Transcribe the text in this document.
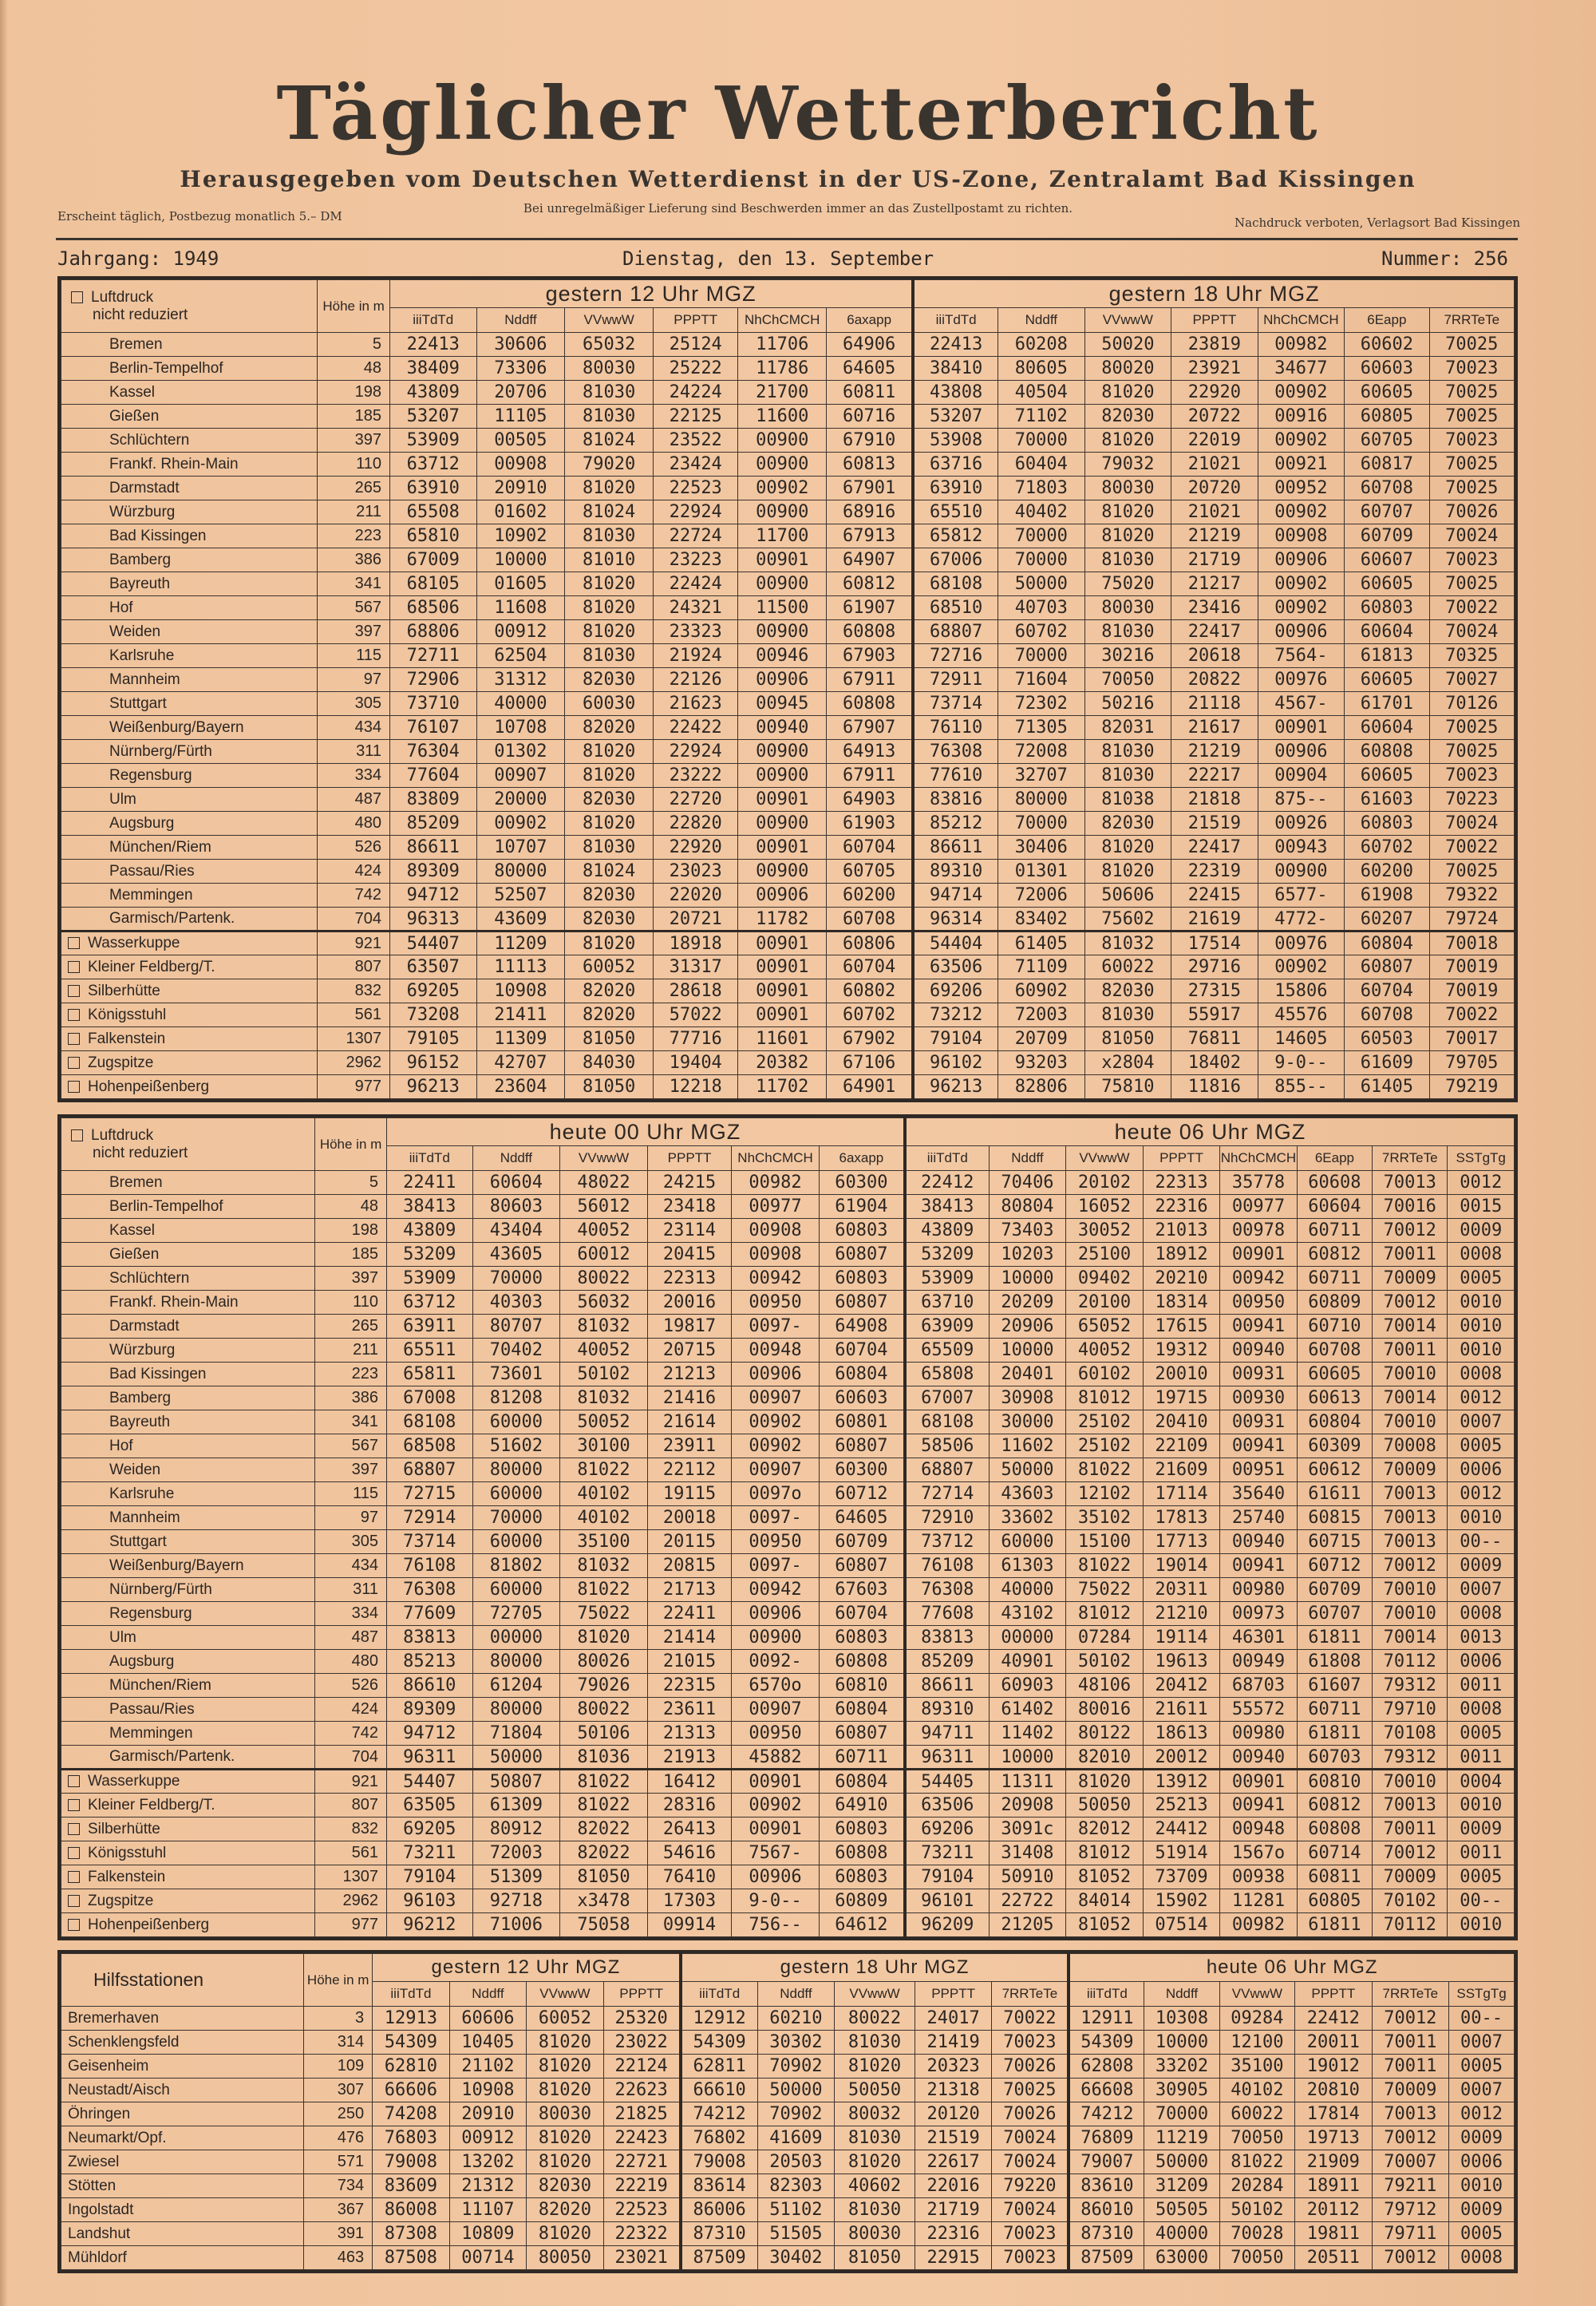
Täglicher Wetterbericht
Herausgegeben vom Deutschen Wetterdienst in der US-Zone, Zentralamt Bad Kissingen
Erscheint täglich, Postbezug monatlich 5.– DM
Bei unregelmäßiger Lieferung sind Beschwerden immer an das Zustellpostamt zu richten.
Nachdruck verboten, Verlagsort Bad Kissingen
Jahrgang: 1949	Dienstag, den 13. September	Nummer: 256
Luftdruck
nicht reduziert	Höhe in m	gestern 12 Uhr MGZ						gestern 18 Uhr MGZ						
		iiiTdTd	Nddff	VVwwW	PPPTT	NhChCMCH	6axapp	iiiTdTd	Nddff	VVwwW	PPPTT	NhChCMCH	6Eapp	7RRTeTe
Bremen	5	22413	30606	65032	25124	11706	64906	22413	60208	50020	23819	00982	60602	70025
Berlin-Tempelhof	48	38409	73306	80030	25222	11786	64605	38410	80605	80020	23921	34677	60603	70023
Kassel	198	43809	20706	81030	24224	21700	60811	43808	40504	81020	22920	00902	60605	70025
Gießen	185	53207	11105	81030	22125	11600	60716	53207	71102	82030	20722	00916	60805	70025
Schlüchtern	397	53909	00505	81024	23522	00900	67910	53908	70000	81020	22019	00902	60705	70023
Frankf. Rhein-Main	110	63712	00908	79020	23424	00900	60813	63716	60404	79032	21021	00921	60817	70025
Darmstadt	265	63910	20910	81020	22523	00902	67901	63910	71803	80030	20720	00952	60708	70025
Würzburg	211	65508	01602	81024	22924	00900	68916	65510	40402	81020	21021	00902	60707	70026
Bad Kissingen	223	65810	10902	81030	22724	11700	67913	65812	70000	81020	21219	00908	60709	70024
Bamberg	386	67009	10000	81010	23223	00901	64907	67006	70000	81030	21719	00906	60607	70023
Bayreuth	341	68105	01605	81020	22424	00900	60812	68108	50000	75020	21217	00902	60605	70025
Hof	567	68506	11608	81020	24321	11500	61907	68510	40703	80030	23416	00902	60803	70022
Weiden	397	68806	00912	81020	23323	00900	60808	68807	60702	81030	22417	00906	60604	70024
Karlsruhe	115	72711	62504	81030	21924	00946	67903	72716	70000	30216	20618	7564-	61813	70325
Mannheim	97	72906	31312	82030	22126	00906	67911	72911	71604	70050	20822	00976	60605	70027
Stuttgart	305	73710	40000	60030	21623	00945	60808	73714	72302	50216	21118	4567-	61701	70126
Weißenburg/Bayern	434	76107	10708	82020	22422	00940	67907	76110	71305	82031	21617	00901	60604	70025
Nürnberg/Fürth	311	76304	01302	81020	22924	00900	64913	76308	72008	81030	21219	00906	60808	70025
Regensburg	334	77604	00907	81020	23222	00900	67911	77610	32707	81030	22217	00904	60605	70023
Ulm	487	83809	20000	82030	22720	00901	64903	83816	80000	81038	21818	875--	61603	70223
Augsburg	480	85209	00902	81020	22820	00900	61903	85212	70000	82030	21519	00926	60803	70024
München/Riem	526	86611	10707	81030	22920	00901	60704	86611	30406	81020	22417	00943	60702	70022
Passau/Ries	424	89309	80000	81024	23023	00900	60705	89310	01301	81020	22319	00900	60200	70025
Memmingen	742	94712	52507	82030	22020	00906	60200	94714	72006	50606	22415	6577-	61908	79322
Garmisch/Partenk.	704	96313	43609	82030	20721	11782	60708	96314	83402	75602	21619	4772-	60207	79724
Wasserkuppe	921	54407	11209	81020	18918	00901	60806	54404	61405	81032	17514	00976	60804	70018
Kleiner Feldberg/T.	807	63507	11113	60052	31317	00901	60704	63506	71109	60022	29716	00902	60807	70019
Silberhütte	832	69205	10908	82020	28618	00901	60802	69206	60902	82030	27315	15806	60704	70019
Königsstuhl	561	73208	21411	82020	57022	00901	60702	73212	72003	81030	55917	45576	60708	70022
Falkenstein	1307	79105	11309	81050	77716	11601	67902	79104	20709	81050	76811	14605	60503	70017
Zugspitze	2962	96152	42707	84030	19404	20382	67106	96102	93203	x2804	18402	9-0--	61609	79705
Hohenpeißenberg	977	96213	23604	81050	12218	11702	64901	96213	82806	75810	11816	855--	61405	79219
Luftdruck
nicht reduziert	Höhe in m	heute 00 Uhr MGZ						heute 06 Uhr MGZ							
		iiiTdTd	Nddff	VVwwW	PPPTT	NhChCMCH	6axapp	iiiTdTd	Nddff	VVwwW	PPPTT	NhChCMCH	6Eapp	7RRTeTe	SSTgTg
Bremen	5	22411	60604	48022	24215	00982	60300	22412	70406	20102	22313	35778	60608	70013	0012
Berlin-Tempelhof	48	38413	80603	56012	23418	00977	61904	38413	80804	16052	22316	00977	60604	70016	0015
Kassel	198	43809	43404	40052	23114	00908	60803	43809	73403	30052	21013	00978	60711	70012	0009
Gießen	185	53209	43605	60012	20415	00908	60807	53209	10203	25100	18912	00901	60812	70011	0008
Schlüchtern	397	53909	70000	80022	22313	00942	60803	53909	10000	09402	20210	00942	60711	70009	0005
Frankf. Rhein-Main	110	63712	40303	56032	20016	00950	60807	63710	20209	20100	18314	00950	60809	70012	0010
Darmstadt	265	63911	80707	81032	19817	0097-	64908	63909	20906	65052	17615	00941	60710	70014	0010
Würzburg	211	65511	70402	40052	20715	00948	60704	65509	10000	40052	19312	00940	60708	70011	0010
Bad Kissingen	223	65811	73601	50102	21213	00906	60804	65808	20401	60102	20010	00931	60605	70010	0008
Bamberg	386	67008	81208	81032	21416	00907	60603	67007	30908	81012	19715	00930	60613	70014	0012
Bayreuth	341	68108	60000	50052	21614	00902	60801	68108	30000	25102	20410	00931	60804	70010	0007
Hof	567	68508	51602	30100	23911	00902	60807	58506	11602	25102	22109	00941	60309	70008	0005
Weiden	397	68807	80000	81022	22112	00907	60300	68807	50000	81022	21609	00951	60612	70009	0006
Karlsruhe	115	72715	60000	40102	19115	0097o	60712	72714	43603	12102	17114	35640	61611	70013	0012
Mannheim	97	72914	70000	40102	20018	0097-	64605	72910	33602	35102	17813	25740	60815	70013	0010
Stuttgart	305	73714	60000	35100	20115	00950	60709	73712	60000	15100	17713	00940	60715	70013	00--
Weißenburg/Bayern	434	76108	81802	81032	20815	0097-	60807	76108	61303	81022	19014	00941	60712	70012	0009
Nürnberg/Fürth	311	76308	60000	81022	21713	00942	67603	76308	40000	75022	20311	00980	60709	70010	0007
Regensburg	334	77609	72705	75022	22411	00906	60704	77608	43102	81012	21210	00973	60707	70010	0008
Ulm	487	83813	00000	81020	21414	00900	60803	83813	00000	07284	19114	46301	61811	70014	0013
Augsburg	480	85213	80000	80026	21015	0092-	60808	85209	40901	50102	19613	00949	61808	70112	0006
München/Riem	526	86610	61204	79026	22315	6570o	60810	86611	60903	48106	20412	68703	61607	79312	0011
Passau/Ries	424	89309	80000	80022	23611	00907	60804	89310	61402	80016	21611	55572	60711	79710	0008
Memmingen	742	94712	71804	50106	21313	00950	60807	94711	11402	80122	18613	00980	61811	70108	0005
Garmisch/Partenk.	704	96311	50000	81036	21913	45882	60711	96311	10000	82010	20012	00940	60703	79312	0011
Wasserkuppe	921	54407	50807	81022	16412	00901	60804	54405	11311	81020	13912	00901	60810	70010	0004
Kleiner Feldberg/T.	807	63505	61309	81022	28316	00902	64910	63506	20908	50050	25213	00941	60812	70013	0010
Silberhütte	832	69205	80912	82022	26413	00901	60803	69206	3091c	82012	24412	00948	60808	70011	0009
Königsstuhl	561	73211	72003	82022	54616	7567-	60808	73211	31408	81012	51914	1567o	60714	70012	0011
Falkenstein	1307	79104	51309	81050	76410	00906	60803	79104	50910	81052	73709	00938	60811	70009	0005
Zugspitze	2962	96103	92718	x3478	17303	9-0--	60809	96101	22722	84014	15902	11281	60805	70102	00--
Hohenpeißenberg	977	96212	71006	75058	09914	756--	64612	96209	21205	81052	07514	00982	61811	70112	0010
Hilfsstationen	Höhe in m	gestern 12 Uhr MGZ				gestern 18 Uhr MGZ					heute 06 Uhr MGZ					
		iiiTdTd	Nddff	VVwwW	PPPTT	iiiTdTd	Nddff	VVwwW	PPPTT	7RRTeTe	iiiTdTd	Nddff	VVwwW	PPPTT	7RRTeTe	SSTgTg
Bremerhaven	3	12913	60606	60052	25320	12912	60210	80022	24017	70022	12911	10308	09284	22412	70012	00--
Schenklengsfeld	314	54309	10405	81020	23022	54309	30302	81030	21419	70023	54309	10000	12100	20011	70011	0007
Geisenheim	109	62810	21102	81020	22124	62811	70902	81020	20323	70026	62808	33202	35100	19012	70011	0005
Neustadt/Aisch	307	66606	10908	81020	22623	66610	50000	50050	21318	70025	66608	30905	40102	20810	70009	0007
Öhringen	250	74208	20910	80030	21825	74212	70902	80032	20120	70026	74212	70000	60022	17814	70013	0012
Neumarkt/Opf.	476	76803	00912	81020	22423	76802	41609	81030	21519	70024	76809	11219	70050	19713	70012	0009
Zwiesel	571	79008	13202	81020	22721	79008	20503	81020	22617	70024	79007	50000	81022	21909	70007	0006
Stötten	734	83609	21312	82030	22219	83614	82303	40602	22016	79220	83610	31209	20284	18911	79211	0010
Ingolstadt	367	86008	11107	82020	22523	86006	51102	81030	21719	70024	86010	50505	50102	20112	79712	0009
Landshut	391	87308	10809	81020	22322	87310	51505	80030	22316	70023	87310	40000	70028	19811	79711	0005
Mühldorf	463	87508	00714	80050	23021	87509	30402	81050	22915	70023	87509	63000	70050	20511	70012	0008
